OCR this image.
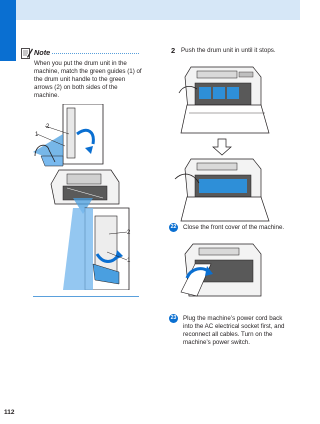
Note
When you put the drum unit in the machine, match the green guides (1) of the drum unit handle to the green arrows (2) on both sides of the machine.
2
1
2
1
2 Push the drum unit in until it stops.
22 Close the front cover of the machine.
23 Plug the machine’s power cord back into the AC electrical socket first, and reconnect all cables. Turn on the machine’s power switch.
112
